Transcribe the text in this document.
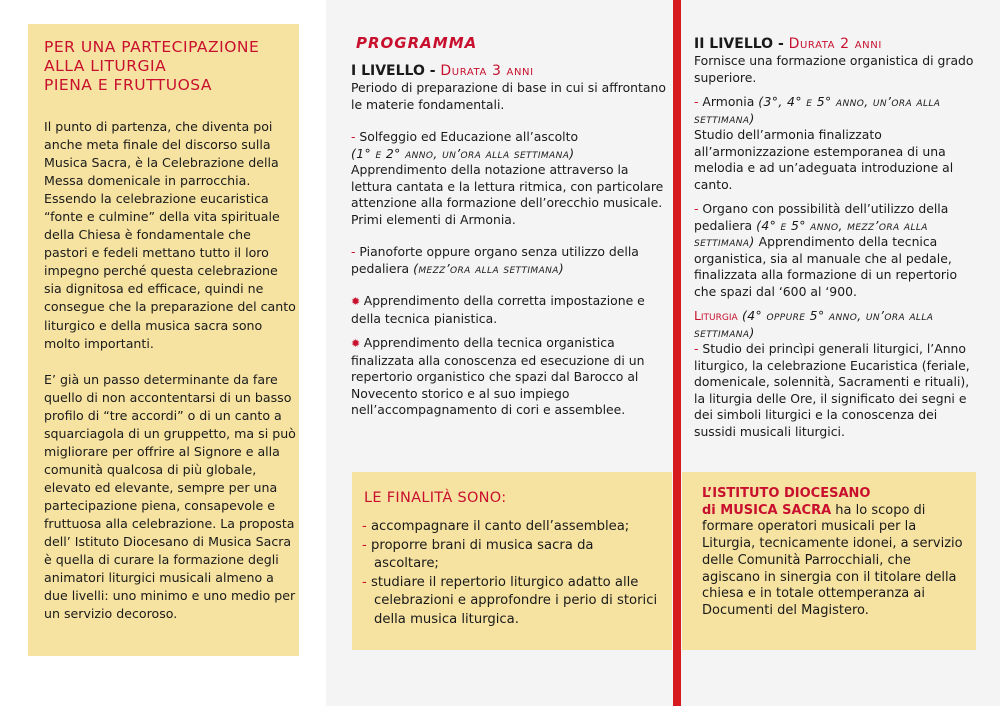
PER UNA PARTECIPAZIONE
ALLA LITURGIA
PIENA E FRUTTUOSA

Il punto di partenza, che diventa poi anche meta finale del discorso sulla Musica Sacra, è la Celebrazione della Messa domenicale in parrocchia. Essendo la celebrazione eucaristica “fonte e culmine” della vita spirituale della Chiesa è fondamentale che pastori e fedeli mettano tutto il loro impegno perché questa celebrazione sia dignitosa ed efficace, quindi ne consegue che la preparazione del canto liturgico e della musica sacra sono molto importanti.

E’ già un passo determinante da fare quello di non accontentarsi di un basso profilo di “tre accordi” o di un canto a squarciagola di un gruppetto, ma si può migliorare per offrire al Signore e alla comunità qualcosa di più globale, elevato ed elevante, sempre per una partecipazione piena, consapevole e fruttuosa alla celebrazione. La proposta dell’ Istituto Diocesano di Musica Sacra è quella di curare la formazione degli animatori liturgici musicali almeno a due livelli: uno minimo e uno medio per un servizio decoroso.

PROGRAMMA

I LIVELLO - Durata 3 anni

Periodo di preparazione di base in cui si affrontano le materie fondamentali.

- Solfeggio ed Educazione all’ascolto

(1° e 2° anno, un’ora alla settimana)

Apprendimento della notazione attraverso la lettura cantata e la lettura ritmica, con particolare attenzione alla formazione dell’orecchio musicale. Primi elementi di Armonia.

- Pianoforte oppure organo senza utilizzo della pedaliera (mezz’ora alla settimana)

✹ Apprendimento della corretta impostazione e della tecnica pianistica.

✹ Apprendimento della tecnica organistica finalizzata alla conoscenza ed esecuzione di un repertorio organistico che spazi dal Barocco al Novecento storico e al suo impiego nell’accompagnamento di cori e assemblee.

II LIVELLO - Durata 2 anni

Fornisce una formazione organistica di grado superiore.

- Armonia (3°, 4° e 5° anno, un’ora alla settimana)

Studio dell’armonia finalizzato all’armonizzazione estemporanea di una melodia e ad un’adeguata introduzione al canto.

- Organo con possibilità dell’utilizzo della pedaliera (4° e 5° anno, mezz’ora alla settimana) Apprendimento della tecnica organistica, sia al manuale che al pedale, finalizzata alla formazione di un repertorio che spazi dal ‘600 al ‘900.

Liturgia (4° oppure 5° anno, un’ora alla settimana)

- Studio dei princìpi generali liturgici, l’Anno liturgico, la celebrazione Eucaristica (feriale, domenicale, solennità, Sacramenti e rituali), la liturgia delle Ore, il significato dei segni e dei simboli liturgici e la conoscenza dei sussidi musicali liturgici.

LE FINALITÀ SONO:
- accompagnare il canto dell’assemblea;
- proporre brani di musica sacra da ascoltare;
- studiare il repertorio liturgico adatto alle celebrazioni e approfondre i perio di storici della musica liturgica.

L’ISTITUTO DIOCESANO
di MUSICA SACRA ha lo scopo di formare operatori musicali per la Liturgia, tecnicamente idonei, a servizio delle Comunità Parrocchiali, che agiscano in sinergia con il titolare della chiesa e in totale ottemperanza ai Documenti del Magistero.
